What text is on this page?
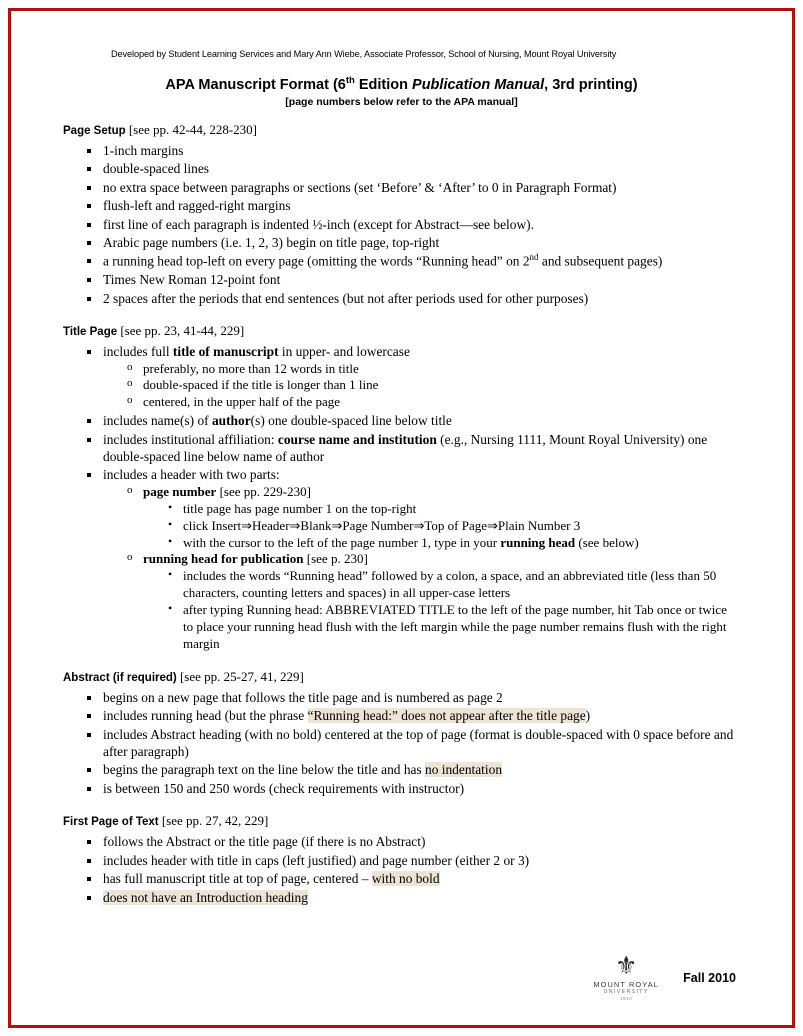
Developed by Student Learning Services and Mary Ann Wiebe, Associate Professor, School of Nursing, Mount Royal University
APA Manuscript Format (6th Edition Publication Manual, 3rd printing)
[page numbers below refer to the APA manual]
Page Setup [see pp. 42-44, 228-230]
1-inch margins
double-spaced lines
no extra space between paragraphs or sections (set ‘Before’ & ‘After’ to 0 in Paragraph Format)
flush-left and ragged-right margins
first line of each paragraph is indented ½-inch (except for Abstract—see below).
Arabic page numbers (i.e. 1, 2, 3) begin on title page, top-right
a running head top-left on every page (omitting the words “Running head” on 2nd and subsequent pages)
Times New Roman 12-point font
2 spaces after the periods that end sentences (but not after periods used for other purposes)
Title Page [see pp. 23, 41-44, 229]
includes full title of manuscript in upper- and lowercase
o preferably, no more than 12 words in title
o double-spaced if the title is longer than 1 line
o centered, in the upper half of the page
includes name(s) of author(s) one double-spaced line below title
includes institutional affiliation: course name and institution (e.g., Nursing 1111, Mount Royal University) one double-spaced line below name of author
includes a header with two parts:
o page number [see pp. 229-230]
• title page has page number 1 on the top-right
• click Insert⇒Header⇒Blank⇒Page Number⇒Top of Page⇒Plain Number 3
• with the cursor to the left of the page number 1, type in your running head (see below)
o running head for publication [see p. 230]
• includes the words “Running head” followed by a colon, a space, and an abbreviated title (less than 50 characters, counting letters and spaces) in all upper-case letters
• after typing Running head: ABBREVIATED TITLE to the left of the page number, hit Tab once or twice to place your running head flush with the left margin while the page number remains flush with the right margin
Abstract (if required) [see pp. 25-27, 41, 229]
begins on a new page that follows the title page and is numbered as page 2
includes running head (but the phrase “Running head:” does not appear after the title page)
includes Abstract heading (with no bold) centered at the top of page (format is double-spaced with 0 space before and after paragraph)
begins the paragraph text on the line below the title and has no indentation
is between 150 and 250 words (check requirements with instructor)
First Page of Text [see pp. 27, 42, 229]
follows the Abstract or the title page (if there is no Abstract)
includes header with title in caps (left justified) and page number (either 2 or 3)
has full manuscript title at top of page, centered – with no bold
does not have an Introduction heading
⚜
MOUNT ROYAL
UNIVERSITY
1910
Fall 2010
